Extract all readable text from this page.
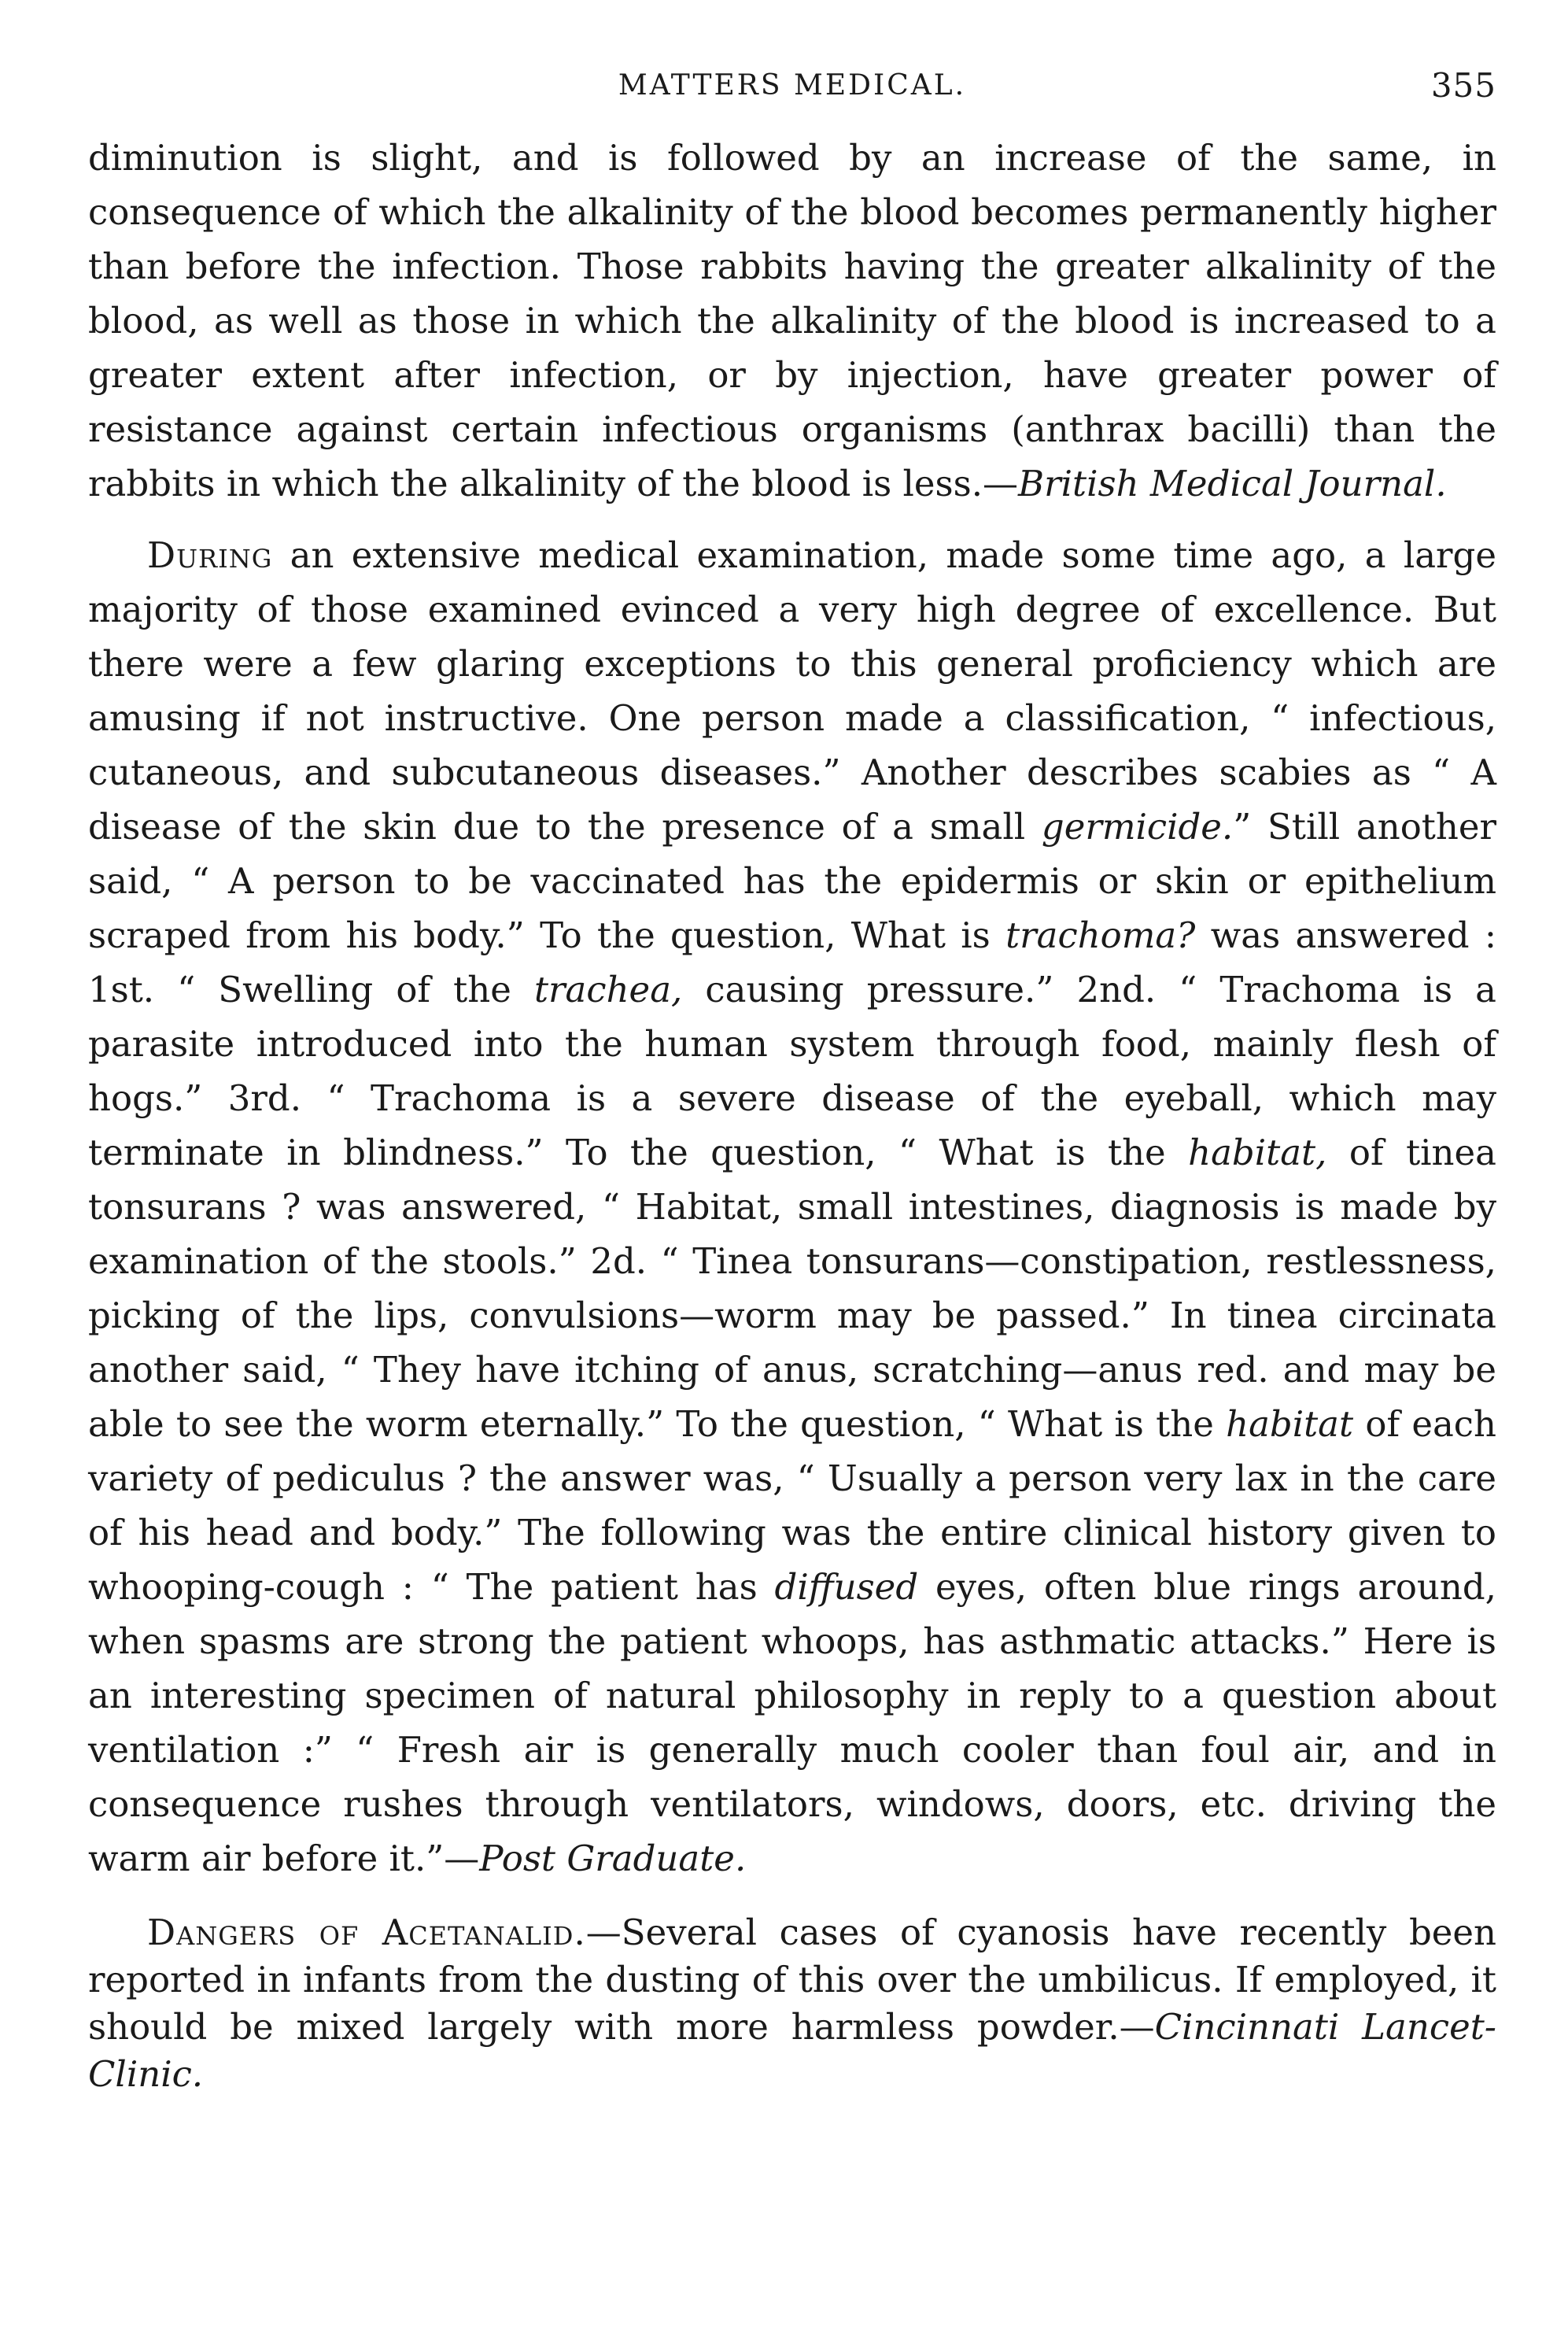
MATTERS MEDICAL.	355

diminution is slight, and is followed by an increase of the same, in consequence of which the alkalinity of the blood becomes permanently higher than before the infection. Those rabbits having the greater alkalinity of the blood, as well as those in which the alkalinity of the blood is increased to a greater extent after infection, or by injection, have greater power of resistance against certain infectious organisms (anthrax bacilli) than the rabbits in which the alkalinity of the blood is less.—British Medical Journal.

During an extensive medical examination, made some time ago, a large majority of those examined evinced a very high degree of excellence. But there were a few glaring exceptions to this general proficiency which are amusing if not instructive. One person made a classification, “ infectious, cutaneous, and subcutaneous diseases.” Another describes scabies as “ A disease of the skin due to the presence of a small germicide.” Still another said, “ A person to be vaccinated has the epidermis or skin or epithelium scraped from his body.” To the question, What is trachoma? was answered : 1st. “ Swelling of the trachea, causing pressure.” 2nd. “ Trachoma is a parasite introduced into the human system through food, mainly flesh of hogs.” 3rd. “ Trachoma is a severe disease of the eyeball, which may terminate in blindness.” To the question, “ What is the habitat, of tinea tonsurans ? was answered, “ Habitat, small intestines, diagnosis is made by examination of the stools.” 2d. “ Tinea tonsurans—constipation, restlessness, picking of the lips, convulsions—worm may be passed.” In tinea circinata another said, “ They have itching of anus, scratching—anus red. and may be able to see the worm eternally.” To the question, “ What is the habitat of each variety of pediculus ? the answer was, “ Usually a person very lax in the care of his head and body.” The following was the entire clinical history given to whooping-cough : “ The patient has diffused eyes, often blue rings around, when spasms are strong the patient whoops, has asthmatic attacks.” Here is an interesting specimen of natural philosophy in reply to a question about ventilation :” “ Fresh air is generally much cooler than foul air, and in consequence rushes through ventilators, windows, doors, etc. driving the warm air before it.”—Post Graduate.

Dangers of Acetanalid.—Several cases of cyanosis have recently been reported in infants from the dusting of this over the umbilicus. If employed, it should be mixed largely with more harmless powder.—Cincinnati Lancet-Clinic.
